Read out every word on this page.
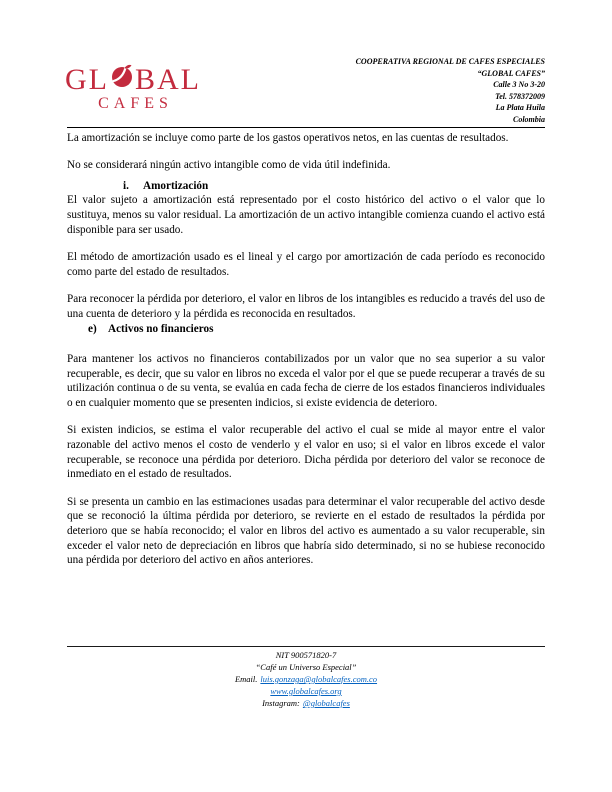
GL BAL
CAFES
COOPERATIVA REGIONAL DE CAFES ESPECIALES
“GLOBAL CAFES”
Calle 3 No 3-20
Tel. 578372009
La Plata Huila
Colombia

La amortización se incluye como parte de los gastos operativos netos, en las cuentas de resultados.

No se considerará ningún activo intangible como de vida útil indefinida.

i. Amortización

El valor sujeto a amortización está representado por el costo histórico del activo o el valor que lo sustituya, menos su valor residual. La amortización de un activo intangible comienza cuando el activo está disponible para ser usado.

El método de amortización usado es el lineal y el cargo por amortización de cada período es reconocido como parte del estado de resultados.

Para reconocer la pérdida por deterioro, el valor en libros de los intangibles es reducido a través del uso de una cuenta de deterioro y la pérdida es reconocida en resultados.

e) Activos no financieros

Para mantener los activos no financieros contabilizados por un valor que no sea superior a su valor recuperable, es decir, que su valor en libros no exceda el valor por el que se puede recuperar a través de su utilización continua o de su venta, se evalúa en cada fecha de cierre de los estados financieros individuales o en cualquier momento que se presenten indicios, si existe evidencia de deterioro.

Si existen indicios, se estima el valor recuperable del activo el cual se mide al mayor entre el valor razonable del activo menos el costo de venderlo y el valor en uso; si el valor en libros excede el valor recuperable, se reconoce una pérdida por deterioro. Dicha pérdida por deterioro del valor se reconoce de inmediato en el estado de resultados.

Si se presenta un cambio en las estimaciones usadas para determinar el valor recuperable del activo desde que se reconoció la última pérdida por deterioro, se revierte en el estado de resultados la pérdida por deterioro que se había reconocido; el valor en libros del activo es aumentado a su valor recuperable, sin exceder el valor neto de depreciación en libros que habría sido determinado, si no se hubiese reconocido una pérdida por deterioro del activo en años anteriores.

NIT 900571820-7
“Café un Universo Especial”
Email. luis.gonzaga@globalcafes.com.co
www.globalcafes.org
Instagram: @globalcafes
